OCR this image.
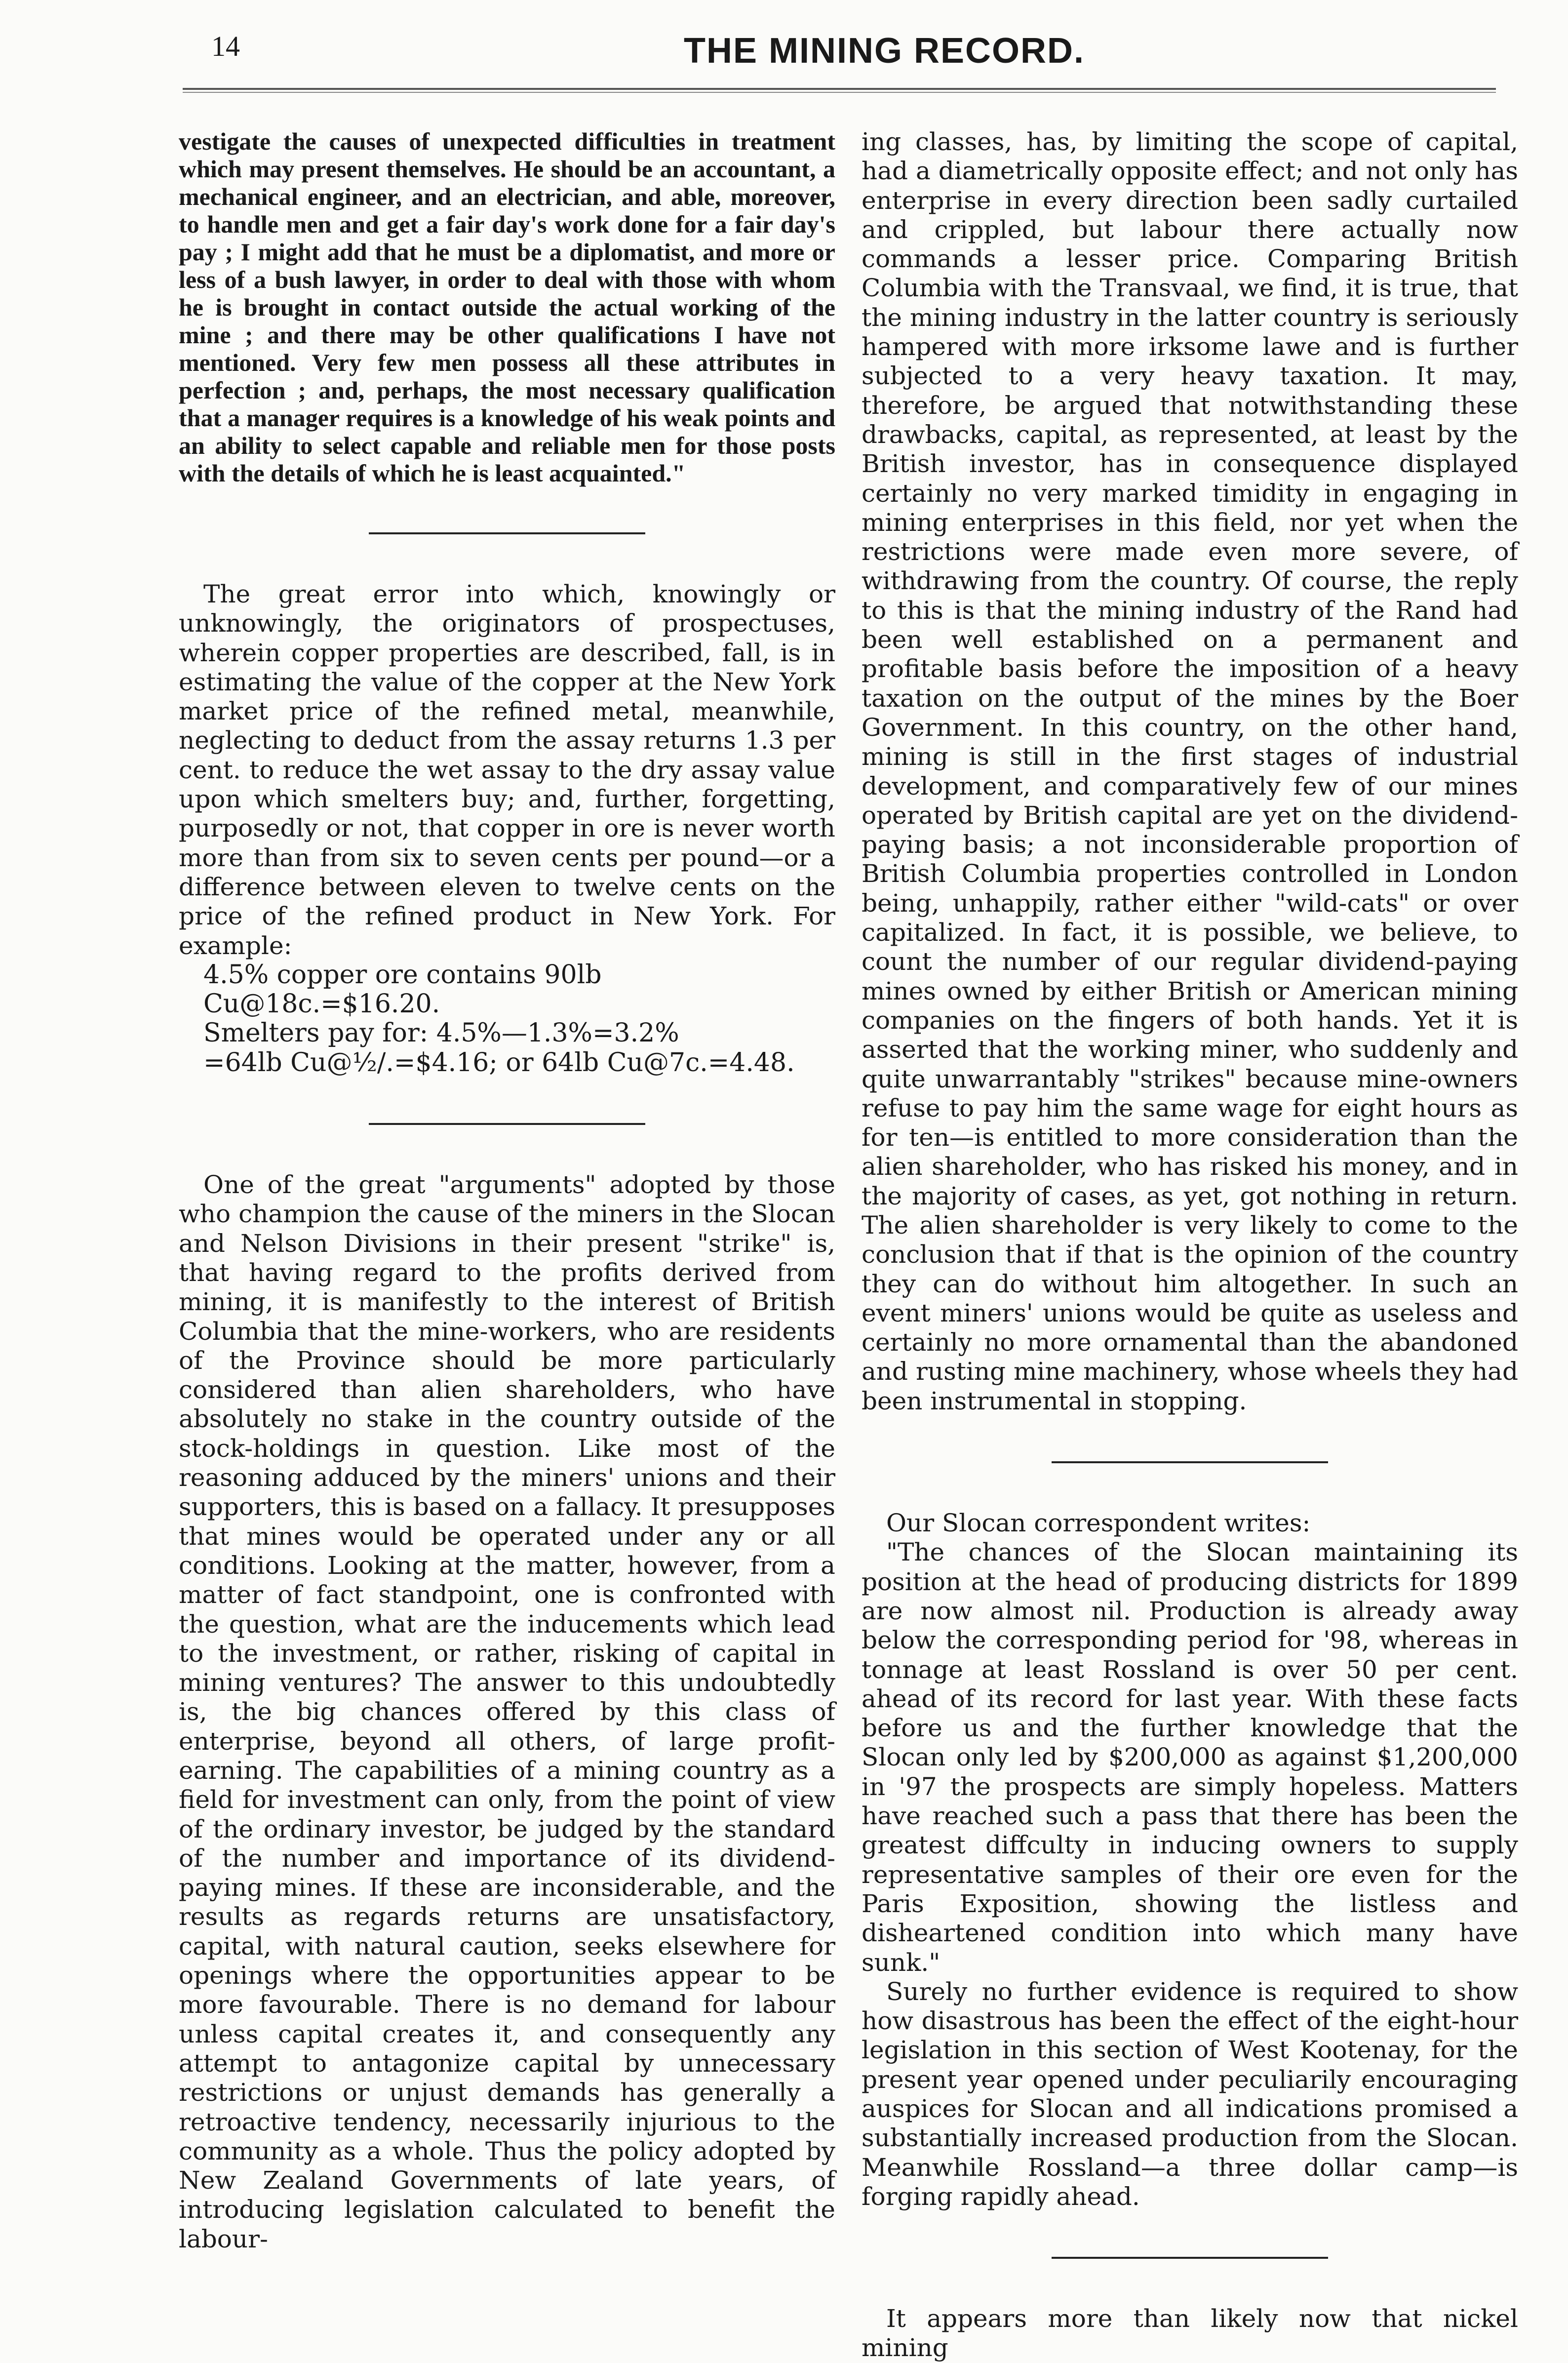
14	THE MINING RECORD.

vestigate the causes of unexpected difficulties in treatment which may present themselves. He should be an accountant, a mechanical engineer, and an electrician, and able, moreover, to handle men and get a fair day's work done for a fair day's pay ; I might add that he must be a diplomatist, and more or less of a bush lawyer, in order to deal with those with whom he is brought in contact outside the actual working of the mine ; and there may be other qualifications I have not mentioned. Very few men possess all these attributes in perfection ; and, perhaps, the most necessary qualification that a manager requires is a knowledge of his weak points and an ability to select capable and reliable men for those posts with the details of which he is least acquainted."

The great error into which, knowingly or unknowingly, the originators of prospectuses, wherein copper properties are described, fall, is in estimating the value of the copper at the New York market price of the refined metal, meanwhile, neglecting to deduct from the assay returns 1.3 per cent. to reduce the wet assay to the dry assay value upon which smelters buy; and, further, forgetting, purposedly or not, that copper in ore is never worth more than from six to seven cents per pound—or a difference between eleven to twelve cents on the price of the refined product in New York. For example:

4.5% copper ore contains 90lb Cu@18c.=$16.20.
Smelters pay for: 4.5%—1.3%=3.2%
=64lb Cu@½/.=$4.16; or 64lb Cu@7c.=4.48.

One of the great "arguments" adopted by those who champion the cause of the miners in the Slocan and Nelson Divisions in their present "strike" is, that having regard to the profits derived from mining, it is manifestly to the interest of British Columbia that the mine-workers, who are residents of the Province should be more particularly considered than alien shareholders, who have absolutely no stake in the country outside of the stock-holdings in question. Like most of the reasoning adduced by the miners' unions and their supporters, this is based on a fallacy. It presupposes that mines would be operated under any or all conditions. Looking at the matter, however, from a matter of fact standpoint, one is confronted with the question, what are the inducements which lead to the investment, or rather, risking of capital in mining ventures? The answer to this undoubtedly is, the big chances offered by this class of enterprise, beyond all others, of large profit-earning. The capabilities of a mining country as a field for investment can only, from the point of view of the ordinary investor, be judged by the standard of the number and importance of its dividend-paying mines. If these are inconsiderable, and the results as regards returns are unsatisfactory, capital, with natural caution, seeks elsewhere for openings where the opportunities appear to be more favourable. There is no demand for labour unless capital creates it, and consequently any attempt to antagonize capital by unnecessary restrictions or unjust demands has generally a retroactive tendency, necessarily injurious to the community as a whole. Thus the policy adopted by New Zealand Governments of late years, of introducing legislation calculated to benefit the labour-

ing classes, has, by limiting the scope of capital, had a diametrically opposite effect; and not only has enterprise in every direction been sadly curtailed and crippled, but labour there actually now commands a lesser price. Comparing British Columbia with the Transvaal, we find, it is true, that the mining industry in the latter country is seriously hampered with more irksome lawe and is further subjected to a very heavy taxation. It may, therefore, be argued that notwithstanding these drawbacks, capital, as represented, at least by the British investor, has in consequence displayed certainly no very marked timidity in engaging in mining enterprises in this field, nor yet when the restrictions were made even more severe, of withdrawing from the country. Of course, the reply to this is that the mining industry of the Rand had been well established on a permanent and profitable basis before the imposition of a heavy taxation on the output of the mines by the Boer Government. In this country, on the other hand, mining is still in the first stages of industrial development, and comparatively few of our mines operated by British capital are yet on the dividend-paying basis; a not inconsiderable proportion of British Columbia properties controlled in London being, unhappily, rather either "wild-cats" or over capitalized. In fact, it is possible, we believe, to count the number of our regular dividend-paying mines owned by either British or American mining companies on the fingers of both hands. Yet it is asserted that the working miner, who suddenly and quite unwarrantably "strikes" because mine-owners refuse to pay him the same wage for eight hours as for ten—is entitled to more consideration than the alien shareholder, who has risked his money, and in the majority of cases, as yet, got nothing in return. The alien shareholder is very likely to come to the conclusion that if that is the opinion of the country they can do without him altogether. In such an event miners' unions would be quite as useless and certainly no more ornamental than the abandoned and rusting mine machinery, whose wheels they had been instrumental in stopping.

Our Slocan correspondent writes:

"The chances of the Slocan maintaining its position at the head of producing districts for 1899 are now almost nil. Production is already away below the corresponding period for '98, whereas in tonnage at least Rossland is over 50 per cent. ahead of its record for last year. With these facts before us and the further knowledge that the Slocan only led by $200,000 as against $1,200,000 in '97 the prospects are simply hopeless. Matters have reached such a pass that there has been the greatest diffculty in inducing owners to supply representative samples of their ore even for the Paris Exposition, showing the listless and disheartened condition into which many have sunk."

Surely no further evidence is required to show how disastrous has been the effect of the eight-hour legislation in this section of West Kootenay, for the present year opened under peculiarily encouraging auspices for Slocan and all indications promised a substantially increased production from the Slocan. Meanwhile Rossland—a three dollar camp—is forging rapidly ahead.

It appears more than likely now that nickel mining
